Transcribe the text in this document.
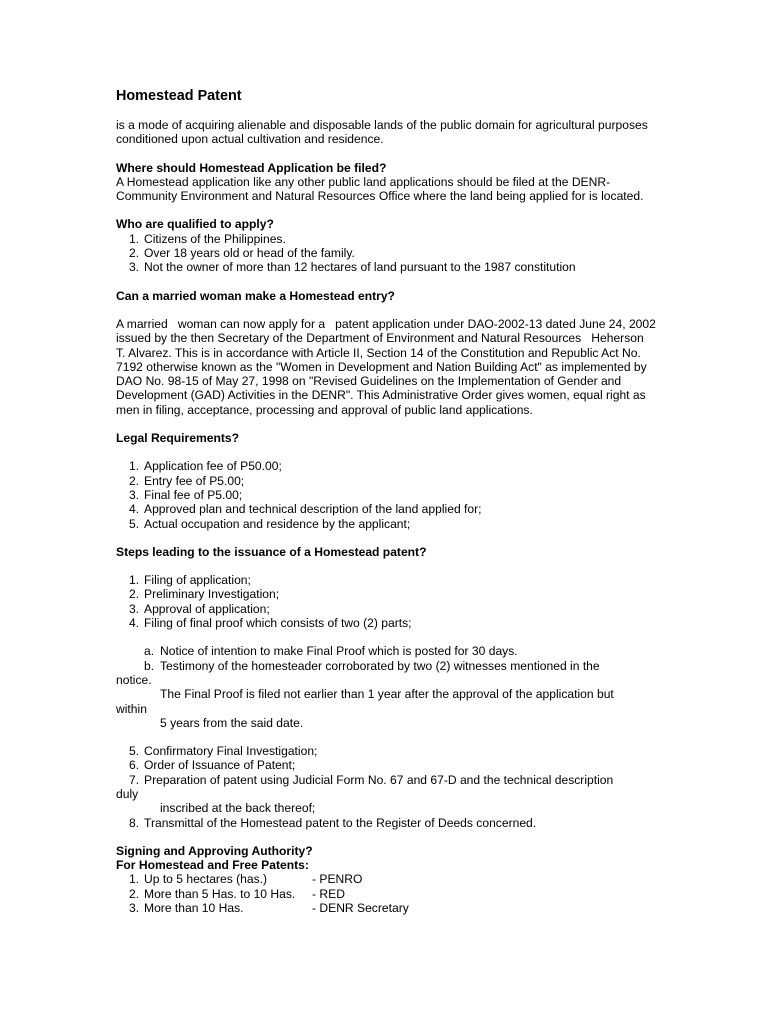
Homestead Patent

is a mode of acquiring alienable and disposable lands of the public domain for agricultural purposes conditioned upon actual cultivation and residence.

Where should Homestead Application be filed?

A Homestead application like any other public land applications should be filed at the DENR-Community Environment and Natural Resources Office where the land being applied for is located.

Who are qualified to apply?
1. Citizens of the Philippines.
2. Over 18 years old or head of the family.
3. Not the owner of more than 12 hectares of land pursuant to the 1987 constitution
Can a married woman make a Homestead entry?

A married   woman can now apply for a   patent application under DAO-2002-13 dated June 24, 2002 issued by the then Secretary of the Department of Environment and Natural Resources   Heherson T. Alvarez. This is in accordance with Article II, Section 14 of the Constitution and Republic Act No. 7192 otherwise known as the "Women in Development and Nation Building Act" as implemented by DAO No. 98-15 of May 27, 1998 on "Revised Guidelines on the Implementation of Gender and Development (GAD) Activities in the DENR". This Administrative Order gives women, equal right as men in filing, acceptance, processing and approval of public land applications.

Legal Requirements?
1. Application fee of P50.00;
2. Entry fee of P5.00;
3. Final fee of P5.00;
4. Approved plan and technical description of the land applied for;
5. Actual occupation and residence by the applicant;
Steps leading to the issuance of a Homestead patent?
1. Filing of application;
2. Preliminary Investigation;
3. Approval of application;
4. Filing of final proof which consists of two (2) parts;
a. Notice of intention to make Final Proof which is posted for 30 days.
b. Testimony of the homesteader corroborated by two (2) witnesses mentioned in the
notice.
The Final Proof is filed not earlier than 1 year after the approval of the application but
within
5 years from the said date.
5. Confirmatory Final Investigation;
6. Order of Issuance of Patent;
7. Preparation of patent using Judicial Form No. 67 and 67-D and the technical description
duly
inscribed at the back thereof;
8. Transmittal of the Homestead patent to the Register of Deeds concerned.
Signing and Approving Authority?
For Homestead and Free Patents:
1. Up to 5 hectares (has.)	- PENRO
2. More than 5 Has. to 10 Has.	- RED
3. More than 10 Has.	- DENR Secretary
